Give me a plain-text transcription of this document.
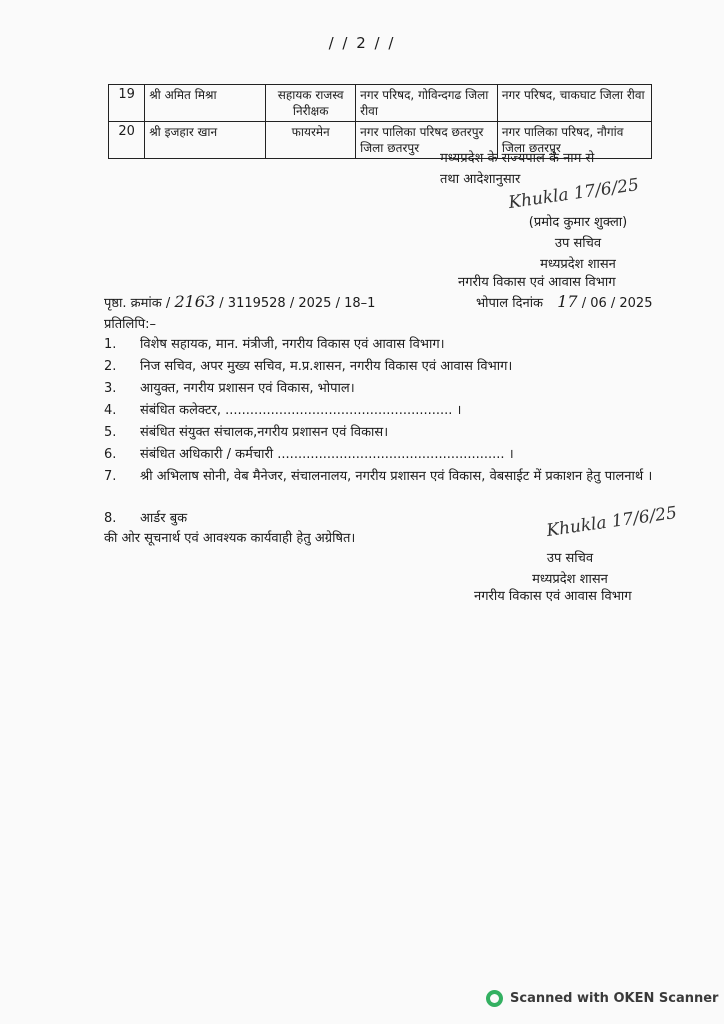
/ / 2 / /
19	श्री अमित मिश्रा	सहायक राजस्व निरीक्षक	नगर परिषद, गोविन्दगढ जिला रीवा	नगर परिषद, चाकघाट जिला रीवा
20	श्री इजहार खान	फायरमेन	नगर पालिका परिषद छतरपुर जिला छतरपुर	नगर पालिका परिषद, नौगांव जिला छतरपुर
मध्यप्रदेश के राज्यपाल के नाम से
तथा आदेशानुसार
Khukla 17/6/25
(प्रमोद कुमार शुक्ला)
उप सचिव
मध्यप्रदेश शासन
नगरीय विकास एवं आवास विभाग
पृष्ठा. क्रमांक / 2163 / 3119528 / 2025 / 18–1	भोपाल दिनांक 17 / 06 / 2025
प्रतिलिपि:–
1. विशेष सहायक, मान. मंत्रीजी, नगरीय विकास एवं आवास विभाग।
2. निज सचिव, अपर मुख्य सचिव, म.प्र.शासन, नगरीय विकास एवं आवास विभाग।
3. आयुक्त, नगरीय प्रशासन एवं विकास, भोपाल।
4. संबंधित कलेक्टर, ....................................................... ।
5. संबंधित संयुक्त संचालक,नगरीय प्रशासन एवं विकास।
6. संबंधित अधिकारी / कर्मचारी ....................................................... ।
7. श्री अभिलाष सोनी, वेब मैनेजर, संचालनालय, नगरीय प्रशासन एवं विकास, वेबसाईट में प्रकाशन हेतु पालनार्थ ।
8. आर्डर बुक
की ओर सूचनार्थ एवं आवश्यक कार्यवाही हेतु अग्रेषित।	Khukla 17/6/25
उप सचिव
मध्यप्रदेश शासन
नगरीय विकास एवं आवास विभाग
Scanned with OKEN Scanner
